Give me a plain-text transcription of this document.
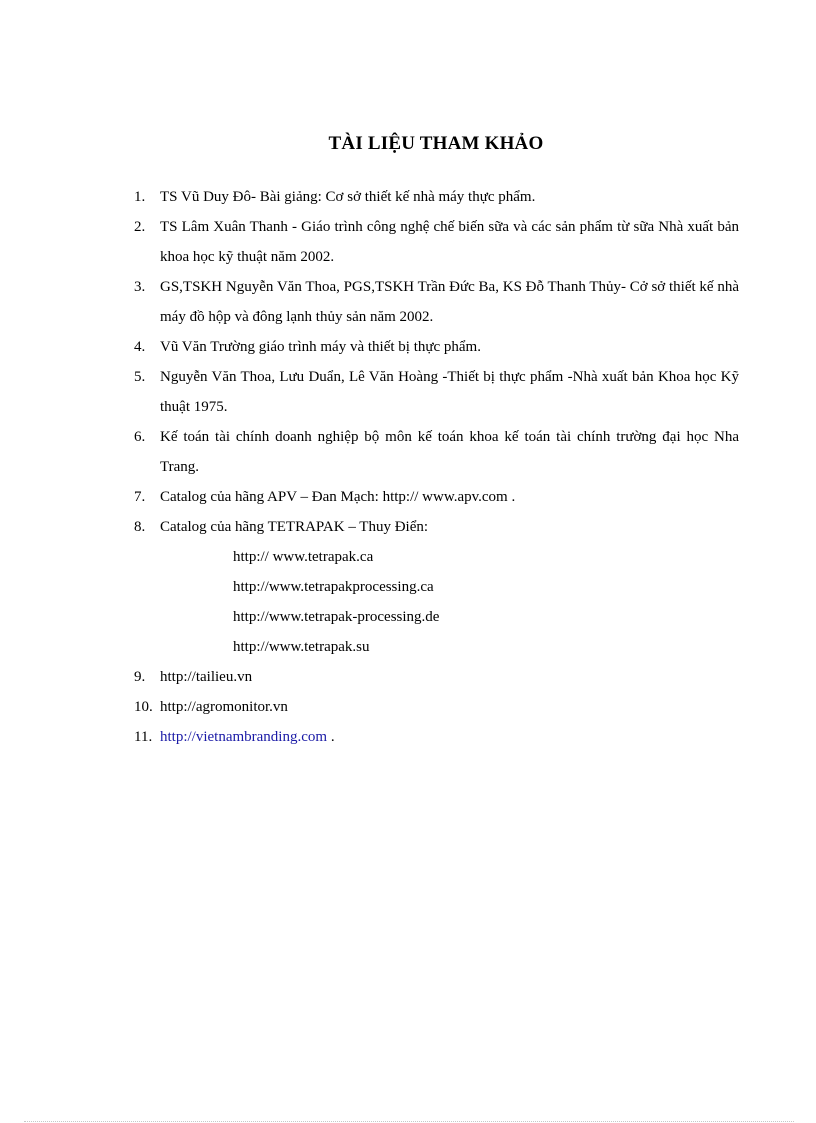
TÀI LIỆU THAM KHẢO
1. TS Vũ Duy Đô- Bài giảng: Cơ sở thiết kế nhà máy thực phẩm.
2. TS Lâm Xuân Thanh - Giáo trình công nghệ chế biến sữa và các sản phẩm từ sữa Nhà xuất bản khoa học kỹ thuật năm 2002.
3. GS,TSKH Nguyễn Văn Thoa, PGS,TSKH Trần Đức Ba, KS Đỗ Thanh Thủy- Cở sở thiết kế nhà máy đồ hộp và đông lạnh thủy sản năm 2002.
4. Vũ Văn Trường giáo trình máy và thiết bị thực phẩm.
5. Nguyễn Văn Thoa, Lưu Duẩn, Lê Văn Hoàng -Thiết bị thực phẩm -Nhà xuất bản Khoa học Kỹ thuật 1975.
6. Kế toán tài chính doanh nghiệp bộ môn kế toán khoa kế toán tài chính trường đại học Nha Trang.
7. Catalog của hãng APV – Đan Mạch: http:// www.apv.com .
8. Catalog của hãng TETRAPAK – Thuy Điển:
http:// www.tetrapak.ca
http://www.tetrapakprocessing.ca
http://www.tetrapak-processing.de
http://www.tetrapak.su
9. http://tailieu.vn
10. http://agromonitor.vn
11. http://vietnambranding.com .
